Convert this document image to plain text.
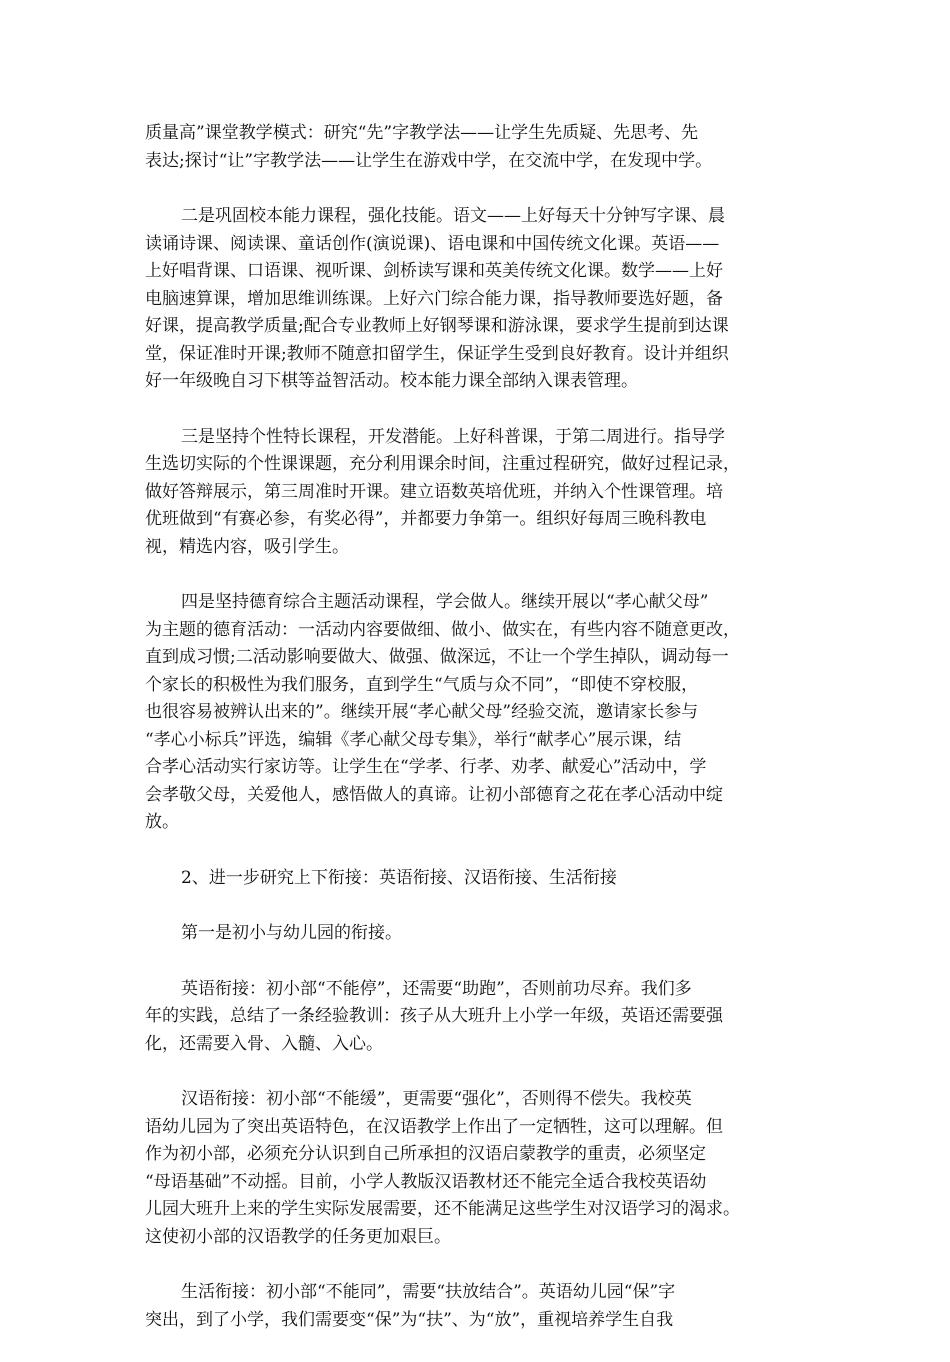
质量高”课堂教学模式：研究“先”字教学法——让学生先质疑、先思考、先
表达;探讨“让”字教学法——让学生在游戏中学，在交流中学，在发现中学。

二是巩固校本能力课程，强化技能。语文——上好每天十分钟写字课、晨
读诵诗课、阅读课、童话创作(演说课)、语电课和中国传统文化课。英语——
上好唱背课、口语课、视听课、剑桥读写课和英美传统文化课。数学——上好
电脑速算课，增加思维训练课。上好六门综合能力课，指导教师要选好题，备
好课，提高教学质量;配合专业教师上好钢琴课和游泳课，要求学生提前到达课
堂，保证准时开课;教师不随意扣留学生，保证学生受到良好教育。设计并组织
好一年级晚自习下棋等益智活动。校本能力课全部纳入课表管理。

三是坚持个性特长课程，开发潜能。上好科普课，于第二周进行。指导学
生选切实际的个性课课题，充分利用课余时间，注重过程研究，做好过程记录，
做好答辩展示，第三周准时开课。建立语数英培优班，并纳入个性课管理。培
优班做到“有赛必参，有奖必得”，并都要力争第一。组织好每周三晚科教电
视，精选内容，吸引学生。

四是坚持德育综合主题活动课程，学会做人。继续开展以“孝心献父母”
为主题的德育活动：一活动内容要做细、做小、做实在，有些内容不随意更改，
直到成习惯;二活动影响要做大、做强、做深远，不让一个学生掉队，调动每一
个家长的积极性为我们服务，直到学生“气质与众不同”，“即使不穿校服，
也很容易被辨认出来的”。继续开展“孝心献父母”经验交流，邀请家长参与
“孝心小标兵”评选，编辑《孝心献父母专集》，举行“献孝心”展示课，结
合孝心活动实行家访等。让学生在“学孝、行孝、劝孝、献爱心”活动中，学
会孝敬父母，关爱他人，感悟做人的真谛。让初小部德育之花在孝心活动中绽
放。

2、进一步研究上下衔接：英语衔接、汉语衔接、生活衔接

第一是初小与幼儿园的衔接。

英语衔接：初小部“不能停”，还需要“助跑”，否则前功尽弃。我们多
年的实践，总结了一条经验教训：孩子从大班升上小学一年级，英语还需要强
化，还需要入骨、入髓、入心。

汉语衔接：初小部“不能缓”，更需要“强化”，否则得不偿失。我校英
语幼儿园为了突出英语特色，在汉语教学上作出了一定牺牲，这可以理解。但
作为初小部，必须充分认识到自己所承担的汉语启蒙教学的重责，必须坚定
“母语基础”不动摇。目前，小学人教版汉语教材还不能完全适合我校英语幼
儿园大班升上来的学生实际发展需要，还不能满足这些学生对汉语学习的渴求。
这使初小部的汉语教学的任务更加艰巨。

生活衔接：初小部“不能同”，需要“扶放结合”。英语幼儿园“保”字
突出，到了小学，我们需要变“保”为“扶”、为“放”，重视培养学生自我
